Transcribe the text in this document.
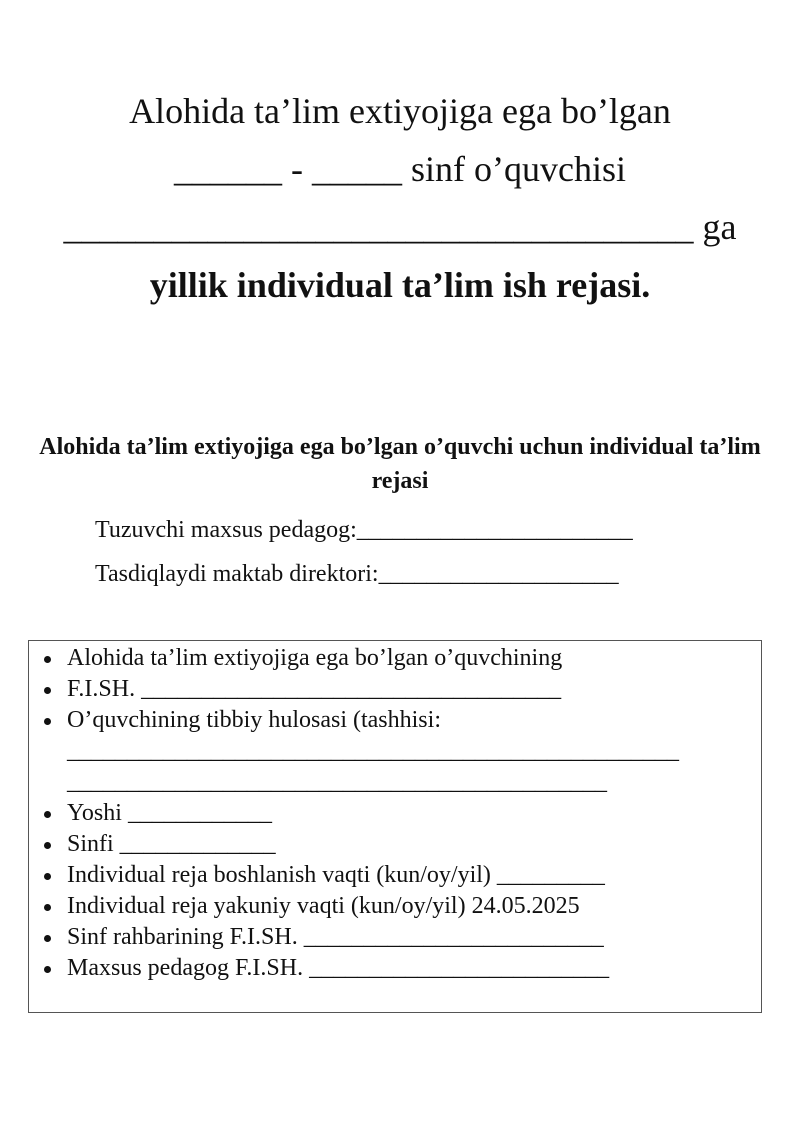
Alohida ta’lim extiyojiga ega bo’lgan
______ - _____ sinf o’quvchisi
___________________________________ ga
yillik individual ta’lim ish rejasi.
Alohida ta’lim extiyojiga ega bo’lgan o’quvchi uchun individual ta’lim rejasi
Tuzuvchi maxsus pedagog:_______________________
Tasdiqlaydi maktab direktori:____________________
Alohida ta’lim extiyojiga ega bo’lgan o’quvchining
F.I.SH. ___________________________________
O’quvchining tibbiy hulosasi (tashhisi:
___________________________________________________
_____________________________________________
Yoshi ____________
Sinfi _____________
Individual reja boshlanish vaqti (kun/oy/yil) _________
Individual reja yakuniy vaqti (kun/oy/yil) 24.05.2025
Sinf rahbarining F.I.SH. _________________________
Maxsus pedagog F.I.SH. _________________________
